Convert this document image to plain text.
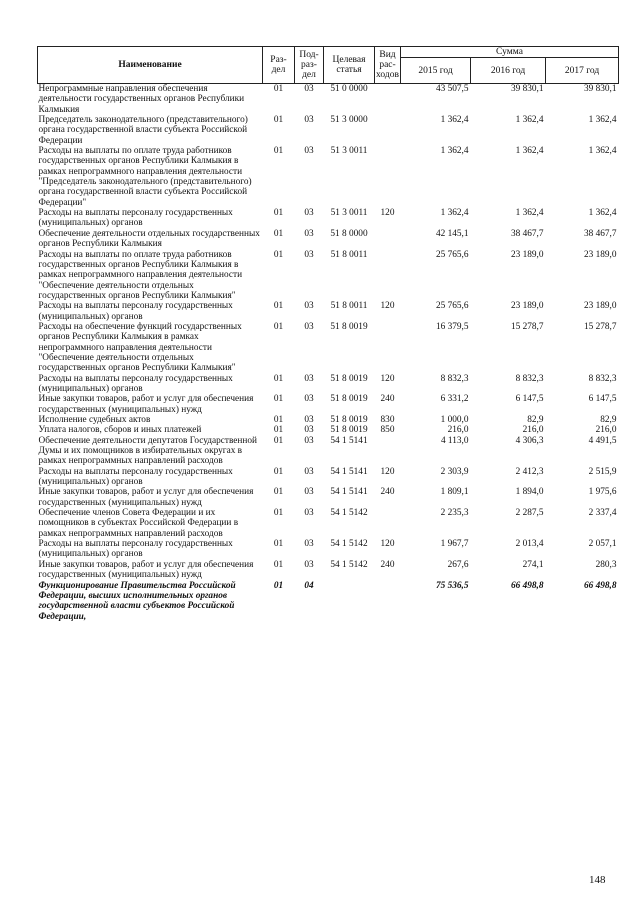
Наименование	Раз-дел	Под-раз-дел	Целевая статья	Вид рас-ходов	Сумма		
					2015 год	2016 год	2017 год
Непрограммные направления обеспечения деятельности государственных органов Республики Калмыкия	01	03	51 0 0000		43 507,5	39 830,1	39 830,1
Председатель законодательного (представительного) органа государственной власти субъекта Российской Федерации	01	03	51 3 0000		1 362,4	1 362,4	1 362,4
Расходы на выплаты по оплате труда работников государственных органов Республики Калмыкия в рамках непрограммного направления деятельности "Председатель законодательного (представительного) органа государственной власти субъекта Российской Федерации"	01	03	51 3 0011		1 362,4	1 362,4	1 362,4
Расходы на выплаты персоналу государственных (муниципальных) органов	01	03	51 3 0011	120	1 362,4	1 362,4	1 362,4
Обеспечение деятельности отдельных государственных органов Республики Калмыкия	01	03	51 8 0000		42 145,1	38 467,7	38 467,7
Расходы на выплаты по оплате труда работников государственных органов Республики Калмыкия в рамках непрограммного направления деятельности "Обеспечение деятельности отдельных государственных органов Республики Калмыкия"	01	03	51 8 0011		25 765,6	23 189,0	23 189,0
Расходы на выплаты персоналу государственных (муниципальных) органов	01	03	51 8 0011	120	25 765,6	23 189,0	23 189,0
Расходы на обеспечение функций государственных органов Республики Калмыкия в рамках непрограммного направления деятельности "Обеспечение деятельности отдельных государственных органов Республики Калмыкия"	01	03	51 8 0019		16 379,5	15 278,7	15 278,7
Расходы на выплаты персоналу государственных (муниципальных) органов	01	03	51 8 0019	120	8 832,3	8 832,3	8 832,3
Иные закупки товаров, работ и услуг для обеспечения государственных (муниципальных) нужд	01	03	51 8 0019	240	6 331,2	6 147,5	6 147,5
Исполнение судебных актов	01	03	51 8 0019	830	1 000,0	82,9	82,9
Уплата налогов, сборов и иных платежей	01	03	51 8 0019	850	216,0	216,0	216,0
Обеспечение деятельности депутатов Государственной Думы и их помощников в избирательных округах в рамках непрограммных направлений расходов	01	03	54 1 5141		4 113,0	4 306,3	4 491,5
Расходы на выплаты персоналу государственных (муниципальных) органов	01	03	54 1 5141	120	2 303,9	2 412,3	2 515,9
Иные закупки товаров, работ и услуг для обеспечения государственных (муниципальных) нужд	01	03	54 1 5141	240	1 809,1	1 894,0	1 975,6
Обеспечение членов Совета Федерации и их помощников в субъектах Российской Федерации в рамках непрограммных направлений расходов	01	03	54 1 5142		2 235,3	2 287,5	2 337,4
Расходы на выплаты персоналу государственных (муниципальных) органов	01	03	54 1 5142	120	1 967,7	2 013,4	2 057,1
Иные закупки товаров, работ и услуг для обеспечения государственных (муниципальных) нужд	01	03	54 1 5142	240	267,6	274,1	280,3
Функционирование Правительства Российской Федерации, высших исполнительных органов государственной власти субъектов Российской Федерации,	01	04			75 536,5	66 498,8	66 498,8
148
